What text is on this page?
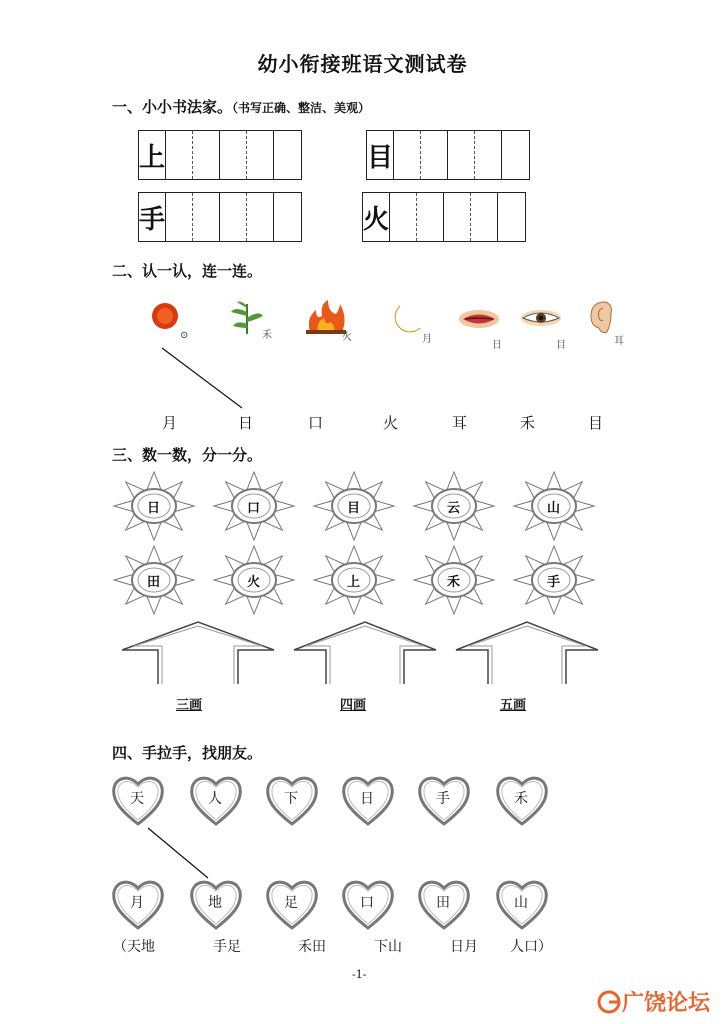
幼小衔接班语文测试卷
一、小小书法家。（书写正确、整洁、美观）
上	目
手	火
二、认一认，连一连。
⊙	禾	火	月
日	目	耳
月	日	口	火	耳	禾	目
三、数一数，分一分。
日	口	目	云	山
田	火	上	禾	手
三画	四画	五画
四、手拉手，找朋友。
天	人	下	日	手	禾
月	地	足	口	田	山
（天地	手足	禾田	下山	日月 人口）
-1-
广饶论坛
